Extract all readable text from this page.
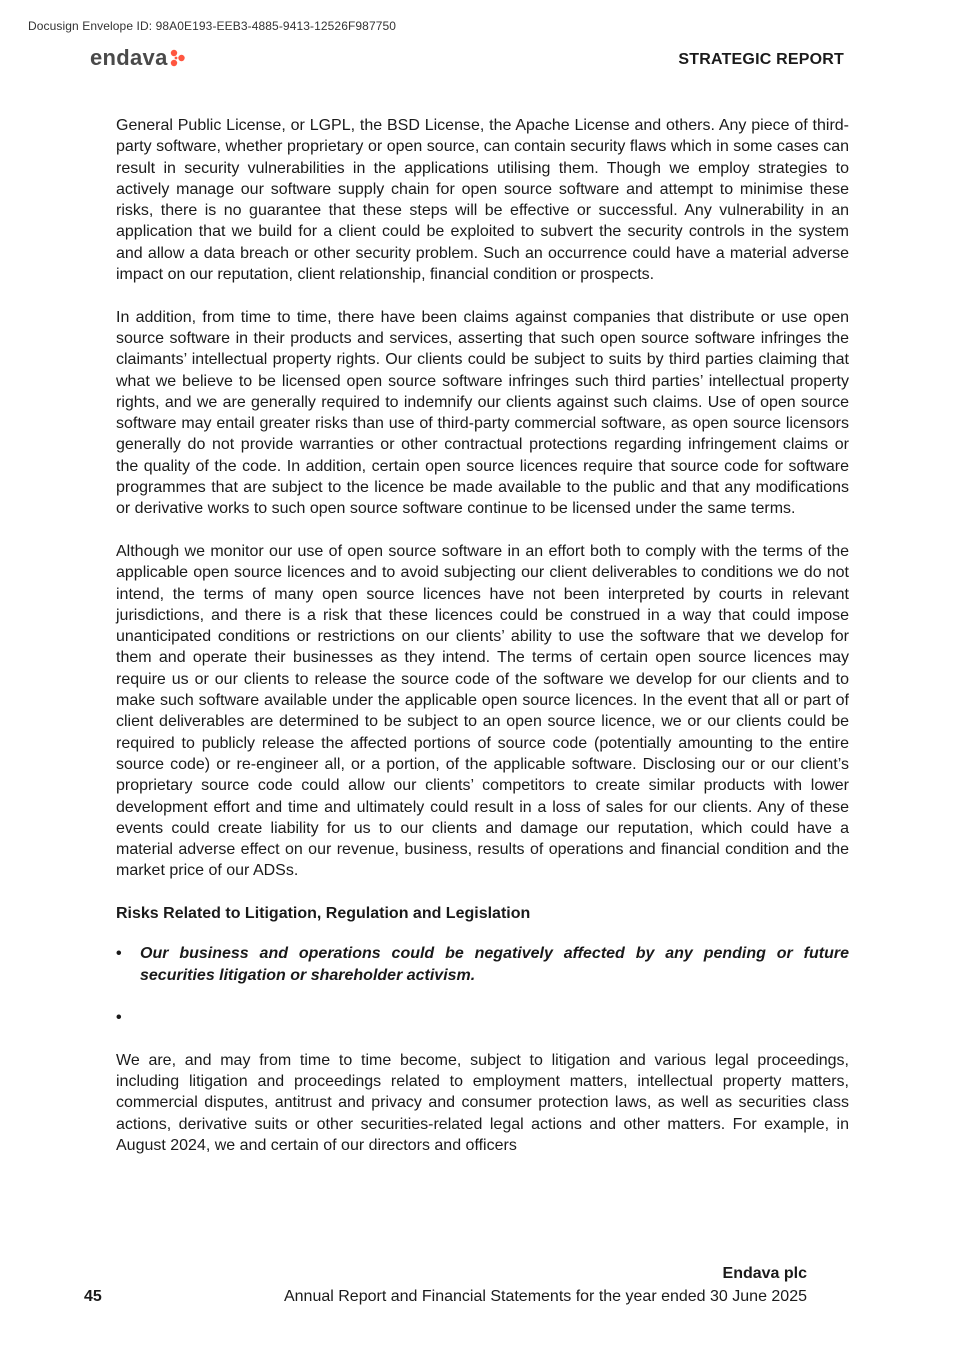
Docusign Envelope ID: 98A0E193-EEB3-4885-9413-12526F987750
endava	STRATEGIC REPORT

General Public License, or LGPL, the BSD License, the Apache License and others. Any piece of third-party software, whether proprietary or open source, can contain security flaws which in some cases can result in security vulnerabilities in the applications utilising them. Though we employ strategies to actively manage our software supply chain for open source software and attempt to minimise these risks, there is no guarantee that these steps will be effective or successful. Any vulnerability in an application that we build for a client could be exploited to subvert the security controls in the system and allow a data breach or other security problem. Such an occurrence could have a material adverse impact on our reputation, client relationship, financial condition or prospects.

In addition, from time to time, there have been claims against companies that distribute or use open source software in their products and services, asserting that such open source software infringes the claimants’ intellectual property rights. Our clients could be subject to suits by third parties claiming that what we believe to be licensed open source software infringes such third parties’ intellectual property rights, and we are generally required to indemnify our clients against such claims. Use of open source software may entail greater risks than use of third-party commercial software, as open source licensors generally do not provide warranties or other contractual protections regarding infringement claims or the quality of the code. In addition, certain open source licences require that source code for software programmes that are subject to the licence be made available to the public and that any modifications or derivative works to such open source software continue to be licensed under the same terms.

Although we monitor our use of open source software in an effort both to comply with the terms of the applicable open source licences and to avoid subjecting our client deliverables to conditions we do not intend, the terms of many open source licences have not been interpreted by courts in relevant jurisdictions, and there is a risk that these licences could be construed in a way that could impose unanticipated conditions or restrictions on our clients’ ability to use the software that we develop for them and operate their businesses as they intend. The terms of certain open source licences may require us or our clients to release the source code of the software we develop for our clients and to make such software available under the applicable open source licences. In the event that all or part of client deliverables are determined to be subject to an open source licence, we or our clients could be required to publicly release the affected portions of source code (potentially amounting to the entire source code) or re-engineer all, or a portion, of the applicable software. Disclosing our or our client’s proprietary source code could allow our clients’ competitors to create similar products with lower development effort and time and ultimately could result in a loss of sales for our clients. Any of these events could create liability for us to our clients and damage our reputation, which could have a material adverse effect on our revenue, business, results of operations and financial condition and the market price of our ADSs.

Risks Related to Litigation, Regulation and Legislation
•	Our business and operations could be negatively affected by any pending or future securities litigation or shareholder activism.
•

We are, and may from time to time become, subject to litigation and various legal proceedings, including litigation and proceedings related to employment matters, intellectual property matters, commercial disputes, antitrust and privacy and consumer protection laws, as well as securities class actions, derivative suits or other securities-related legal actions and other matters. For example, in August 2024, we and certain of our directors and officers

Endava plc
45	Annual Report and Financial Statements for the year ended 30 June 2025
